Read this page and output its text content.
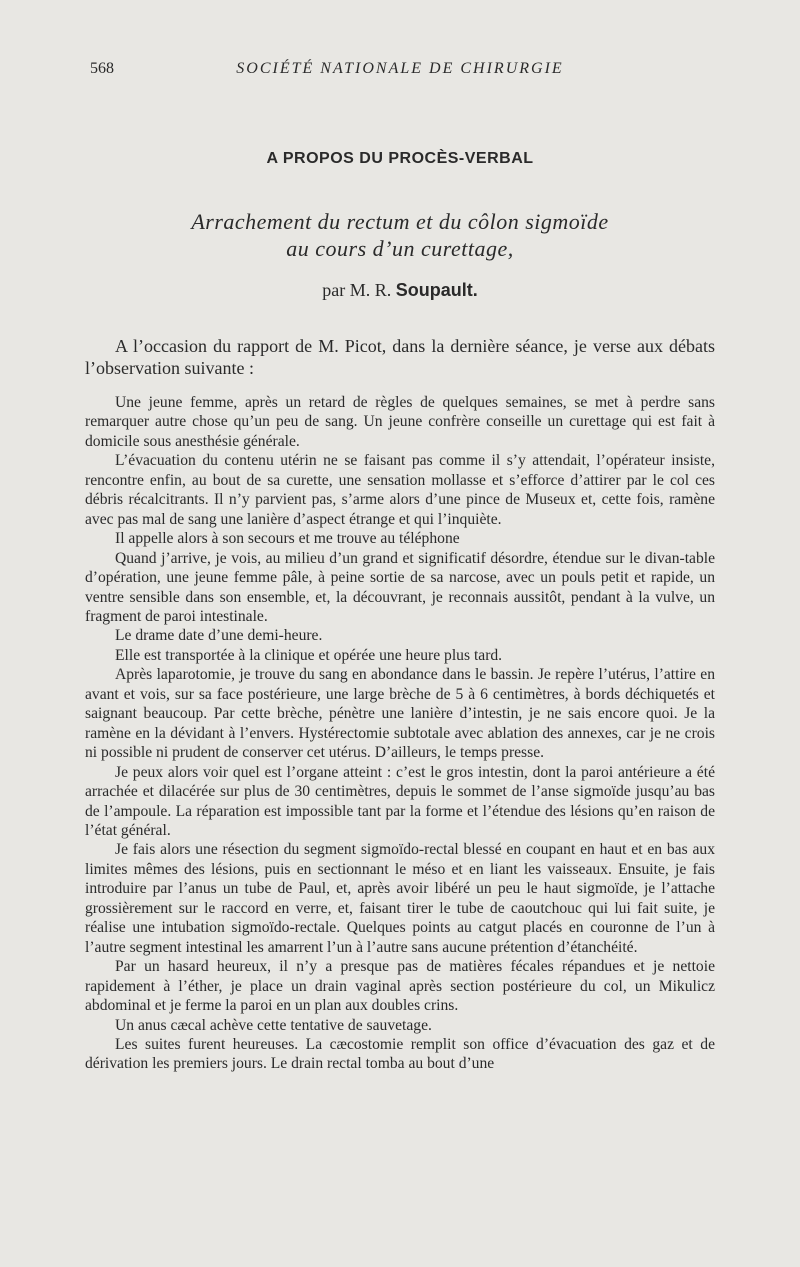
568	SOCIÉTÉ NATIONALE DE CHIRURGIE
A PROPOS DU PROCÈS-VERBAL
Arrachement du rectum et du côlon sigmoïde
au cours d’un curettage,
par M. R. Soupault.

A l’occasion du rapport de M. Picot, dans la dernière séance, je verse aux débats l’observation suivante :

Une jeune femme, après un retard de règles de quelques semaines, se met à perdre sans remarquer autre chose qu’un peu de sang. Un jeune confrère conseille un curettage qui est fait à domicile sous anesthésie générale.

L’évacuation du contenu utérin ne se faisant pas comme il s’y attendait, l’opérateur insiste, rencontre enfin, au bout de sa curette, une sensation mollasse et s’efforce d’attirer par le col ces débris récalcitrants. Il n’y parvient pas, s’arme alors d’une pince de Museux et, cette fois, ramène avec pas mal de sang une lanière d’aspect étrange et qui l’inquiète.

Il appelle alors à son secours et me trouve au téléphone

Quand j’arrive, je vois, au milieu d’un grand et significatif désordre, étendue sur le divan-table d’opération, une jeune femme pâle, à peine sortie de sa narcose, avec un pouls petit et rapide, un ventre sensible dans son ensemble, et, la découvrant, je reconnais aussitôt, pendant à la vulve, un fragment de paroi intestinale.

Le drame date d’une demi-heure.

Elle est transportée à la clinique et opérée une heure plus tard.

Après laparotomie, je trouve du sang en abondance dans le bassin. Je repère l’utérus, l’attire en avant et vois, sur sa face postérieure, une large brèche de 5 à 6 centimètres, à bords déchiquetés et saignant beaucoup. Par cette brèche, pénètre une lanière d’intestin, je ne sais encore quoi. Je la ramène en la dévidant à l’envers. Hystérectomie subtotale avec ablation des annexes, car je ne crois ni possible ni prudent de conserver cet utérus. D’ailleurs, le temps presse.

Je peux alors voir quel est l’organe atteint : c’est le gros intestin, dont la paroi antérieure a été arrachée et dilacérée sur plus de 30 centimètres, depuis le sommet de l’anse sigmoïde jusqu’au bas de l’ampoule. La réparation est impossible tant par la forme et l’étendue des lésions qu’en raison de l’état général.

Je fais alors une résection du segment sigmoïdo-rectal blessé en coupant en haut et en bas aux limites mêmes des lésions, puis en sectionnant le méso et en liant les vaisseaux. Ensuite, je fais introduire par l’anus un tube de Paul, et, après avoir libéré un peu le haut sigmoïde, je l’attache grossièrement sur le raccord en verre, et, faisant tirer le tube de caoutchouc qui lui fait suite, je réalise une intubation sigmoïdo-rectale. Quelques points au catgut placés en couronne de l’un à l’autre segment intestinal les amarrent l’un à l’autre sans aucune prétention d’étanchéité.

Par un hasard heureux, il n’y a presque pas de matières fécales répandues et je nettoie rapidement à l’éther, je place un drain vaginal après section postérieure du col, un Mikulicz abdominal et je ferme la paroi en un plan aux doubles crins.

Un anus cæcal achève cette tentative de sauvetage.

Les suites furent heureuses. La cæcostomie remplit son office d’évacuation des gaz et de dérivation les premiers jours. Le drain rectal tomba au bout d’une
